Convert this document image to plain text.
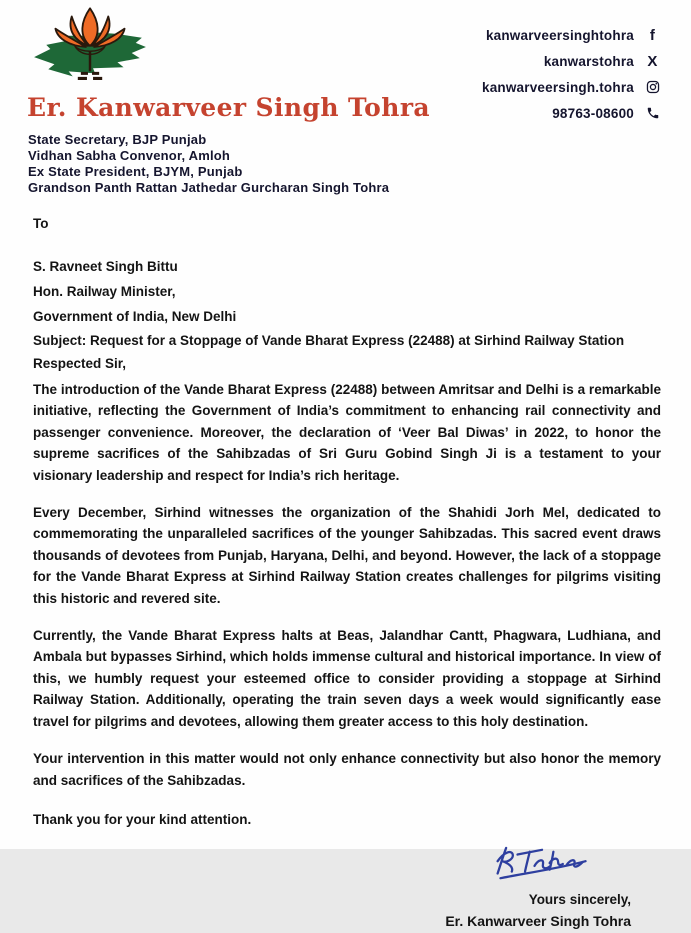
kanwarveersinghtohra	f
kanwarstohra X
kanwarveersingh.tohra
98763-08600
Er. Kanwarveer Singh Tohra
State Secretary, BJP Punjab
Vidhan Sabha Convenor, Amloh
Ex State President, BJYM, Punjab
Grandson Panth Rattan Jathedar Gurcharan Singh Tohra
To
S. Ravneet Singh Bittu
Hon. Railway Minister,
Government of India, New Delhi
Subject: Request for a Stoppage of Vande Bharat Express (22488) at Sirhind Railway Station
Respected Sir,

The introduction of the Vande Bharat Express (22488) between Amritsar and Delhi is a remarkable initiative, reflecting the Government of India’s commitment to enhancing rail connectivity and passenger convenience. Moreover, the declaration of ‘Veer Bal Diwas’ in 2022, to honor the supreme sacrifices of the Sahibzadas of Sri Guru Gobind Singh Ji is a testament to your visionary leadership and respect for India’s rich heritage.

Every December, Sirhind witnesses the organization of the Shahidi Jorh Mel, dedicated to commemorating the unparalleled sacrifices of the younger Sahibzadas. This sacred event draws thousands of devotees from Punjab, Haryana, Delhi, and beyond. However, the lack of a stoppage for the Vande Bharat Express at Sirhind Railway Station creates challenges for pilgrims visiting this historic and revered site.

Currently, the Vande Bharat Express halts at Beas, Jalandhar Cantt, Phagwara, Ludhiana, and Ambala but bypasses Sirhind, which holds immense cultural and historical importance. In view of this, we humbly request your esteemed office to consider providing a stoppage at Sirhind Railway Station. Additionally, operating the train seven days a week would significantly ease travel for pilgrims and devotees, allowing them greater access to this holy destination.

Your intervention in this matter would not only enhance connectivity but also honor the memory and sacrifices of the Sahibzadas.

Thank you for your kind attention.
Yours sincerely,
Er. Kanwarveer Singh Tohra
